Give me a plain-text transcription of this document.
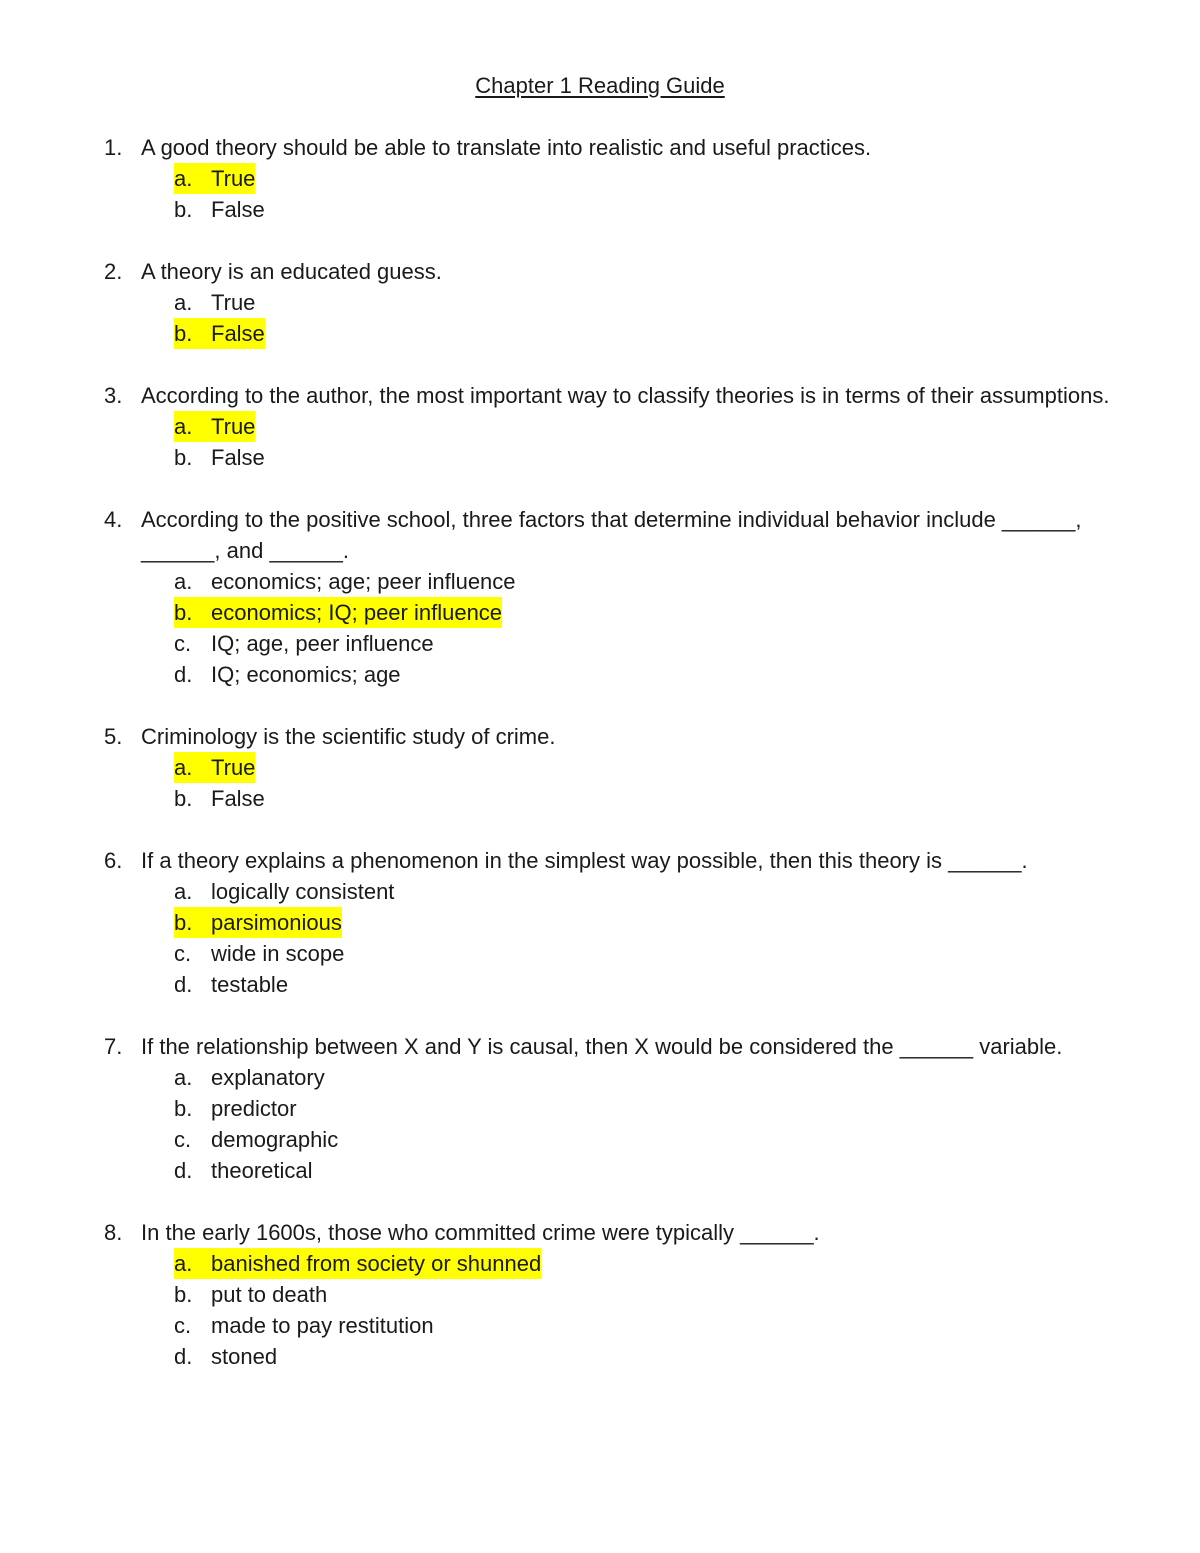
Chapter 1 Reading Guide
1. A good theory should be able to translate into realistic and useful practices.
a. True
b. False
2. A theory is an educated guess.
a. True
b. False
3. According to the author, the most important way to classify theories is in terms of their assumptions.
a. True
b. False
4. According to the positive school, three factors that determine individual behavior include ______, ______, and ______.
a. economics; age; peer influence
b. economics; IQ; peer influence
c. IQ; age, peer influence
d. IQ; economics; age
5. Criminology is the scientific study of crime.
a. True
b. False
6. If a theory explains a phenomenon in the simplest way possible, then this theory is ______.
a. logically consistent
b. parsimonious
c. wide in scope
d. testable
7. If the relationship between X and Y is causal, then X would be considered the ______ variable.
a. explanatory
b. predictor
c. demographic
d. theoretical
8. In the early 1600s, those who committed crime were typically ______.
a. banished from society or shunned
b. put to death
c. made to pay restitution
d. stoned
